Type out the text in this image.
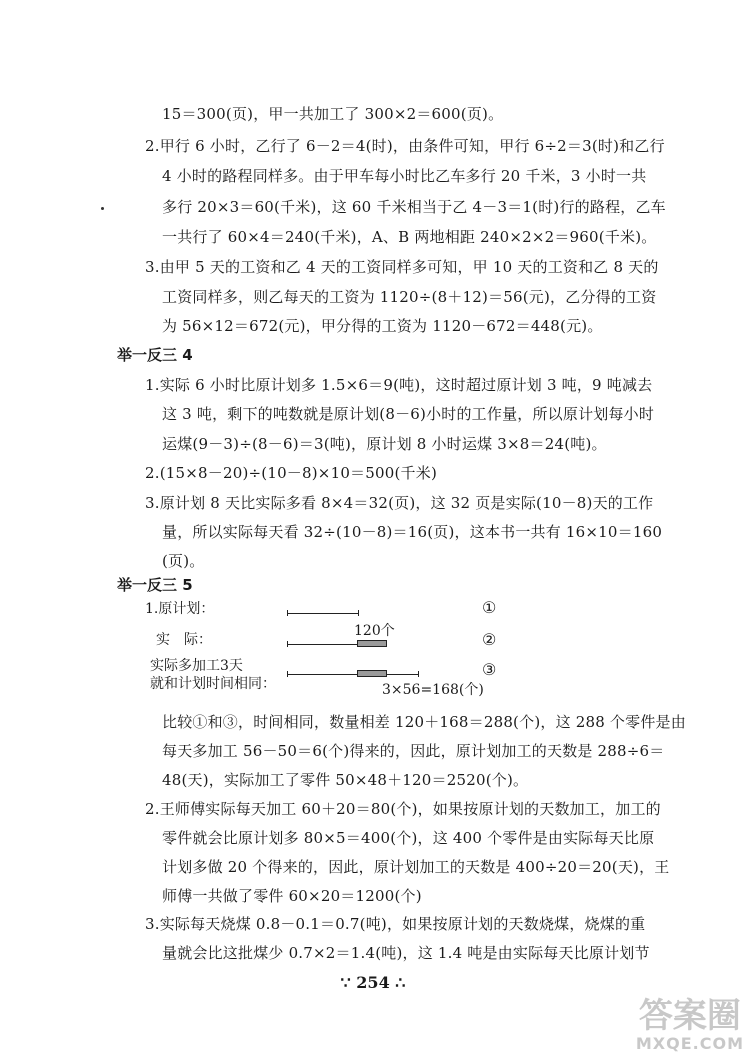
15＝300(页)，甲一共加工了 300×2＝600(页)。
2.甲行 6 小时，乙行了 6－2＝4(时)，由条件可知，甲行 6÷2＝3(时)和乙行
4 小时的路程同样多。由于甲车每小时比乙车多行 20 千米，3 小时一共
多行 20×3＝60(千米)，这 60 千米相当于乙 4－3＝1(时)行的路程，乙车
一共行了 60×4＝240(千米)，A、B 两地相距 240×2×2＝960(千米)。
3.由甲 5 天的工资和乙 4 天的工资同样多可知，甲 10 天的工资和乙 8 天的
工资同样多，则乙每天的工资为 1120÷(8＋12)＝56(元)，乙分得的工资
为 56×12＝672(元)，甲分得的工资为 1120－672＝448(元)。
举一反三 4
1.实际 6 小时比原计划多 1.5×6＝9(吨)，这时超过原计划 3 吨，9 吨减去
这 3 吨，剩下的吨数就是原计划(8－6)小时的工作量，所以原计划每小时
运煤(9－3)÷(8－6)＝3(吨)，原计划 8 小时运煤 3×8＝24(吨)。
2.(15×8－20)÷(10－8)×10＝500(千米)
3.原计划 8 天比实际多看 8×4＝32(页)，这 32 页是实际(10－8)天的工作
量，所以实际每天看 32÷(10－8)＝16(页)，这本书一共有 16×10＝160
(页)。
举一反三 5
1.原计划：	①
实　际：
120个	②
实际多加工3天
就和计划时间相同：	3×56=168(个)
③
比较①和③，时间相同，数量相差 120＋168＝288(个)，这 288 个零件是由
每天多加工 56－50＝6(个)得来的，因此，原计划加工的天数是 288÷6＝
48(天)，实际加工了零件 50×48＋120＝2520(个)。
2.王师傅实际每天加工 60＋20＝80(个)，如果按原计划的天数加工，加工的
零件就会比原计划多 80×5＝400(个)，这 400 个零件是由实际每天比原
计划多做 20 个得来的，因此，原计划加工的天数是 400÷20＝20(天)，王
师傅一共做了零件 60×20＝1200(个)
3.实际每天烧煤 0.8－0.1＝0.7(吨)，如果按原计划的天数烧煤，烧煤的重
量就会比这批煤少 0.7×2＝1.4(吨)，这 1.4 吨是由实际每天比原计划节
∵ 254 ∴
答案圈
MXQE.COM
